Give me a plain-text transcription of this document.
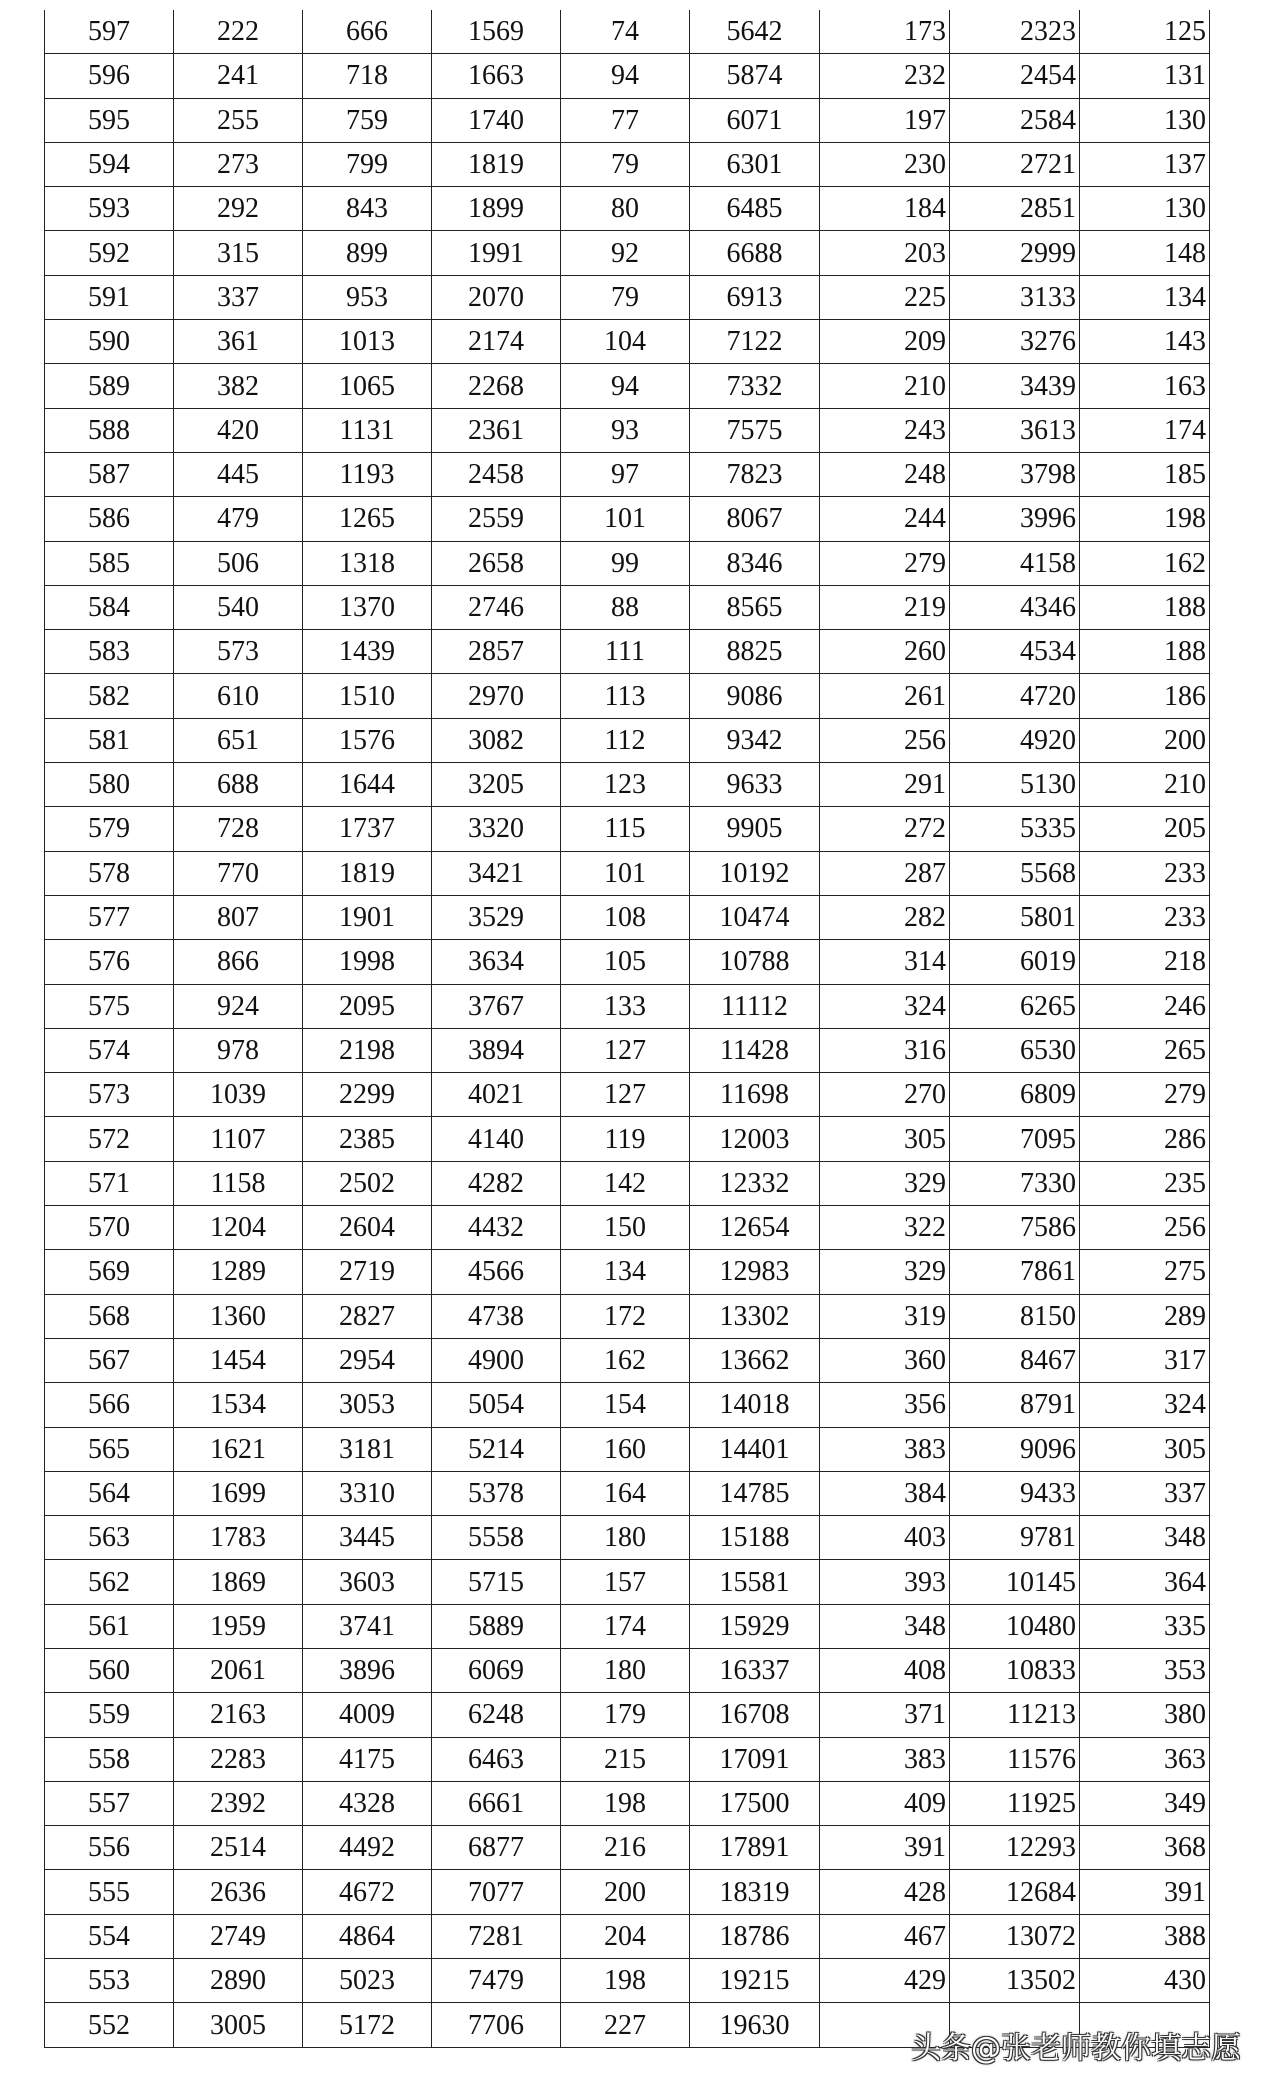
597	222	666	1569	74	5642	173	2323	125
596	241	718	1663	94	5874	232	2454	131
595	255	759	1740	77	6071	197	2584	130
594	273	799	1819	79	6301	230	2721	137
593	292	843	1899	80	6485	184	2851	130
592	315	899	1991	92	6688	203	2999	148
591	337	953	2070	79	6913	225	3133	134
590	361	1013	2174	104	7122	209	3276	143
589	382	1065	2268	94	7332	210	3439	163
588	420	1131	2361	93	7575	243	3613	174
587	445	1193	2458	97	7823	248	3798	185
586	479	1265	2559	101	8067	244	3996	198
585	506	1318	2658	99	8346	279	4158	162
584	540	1370	2746	88	8565	219	4346	188
583	573	1439	2857	111	8825	260	4534	188
582	610	1510	2970	113	9086	261	4720	186
581	651	1576	3082	112	9342	256	4920	200
580	688	1644	3205	123	9633	291	5130	210
579	728	1737	3320	115	9905	272	5335	205
578	770	1819	3421	101	10192	287	5568	233
577	807	1901	3529	108	10474	282	5801	233
576	866	1998	3634	105	10788	314	6019	218
575	924	2095	3767	133	11112	324	6265	246
574	978	2198	3894	127	11428	316	6530	265
573	1039	2299	4021	127	11698	270	6809	279
572	1107	2385	4140	119	12003	305	7095	286
571	1158	2502	4282	142	12332	329	7330	235
570	1204	2604	4432	150	12654	322	7586	256
569	1289	2719	4566	134	12983	329	7861	275
568	1360	2827	4738	172	13302	319	8150	289
567	1454	2954	4900	162	13662	360	8467	317
566	1534	3053	5054	154	14018	356	8791	324
565	1621	3181	5214	160	14401	383	9096	305
564	1699	3310	5378	164	14785	384	9433	337
563	1783	3445	5558	180	15188	403	9781	348
562	1869	3603	5715	157	15581	393	10145	364
561	1959	3741	5889	174	15929	348	10480	335
560	2061	3896	6069	180	16337	408	10833	353
559	2163	4009	6248	179	16708	371	11213	380
558	2283	4175	6463	215	17091	383	11576	363
557	2392	4328	6661	198	17500	409	11925	349
556	2514	4492	6877	216	17891	391	12293	368
555	2636	4672	7077	200	18319	428	12684	391
554	2749	4864	7281	204	18786	467	13072	388
553	2890	5023	7479	198	19215	429	13502	430
552	3005	5172	7706	227	19630			
头条@张老师教你填志愿
